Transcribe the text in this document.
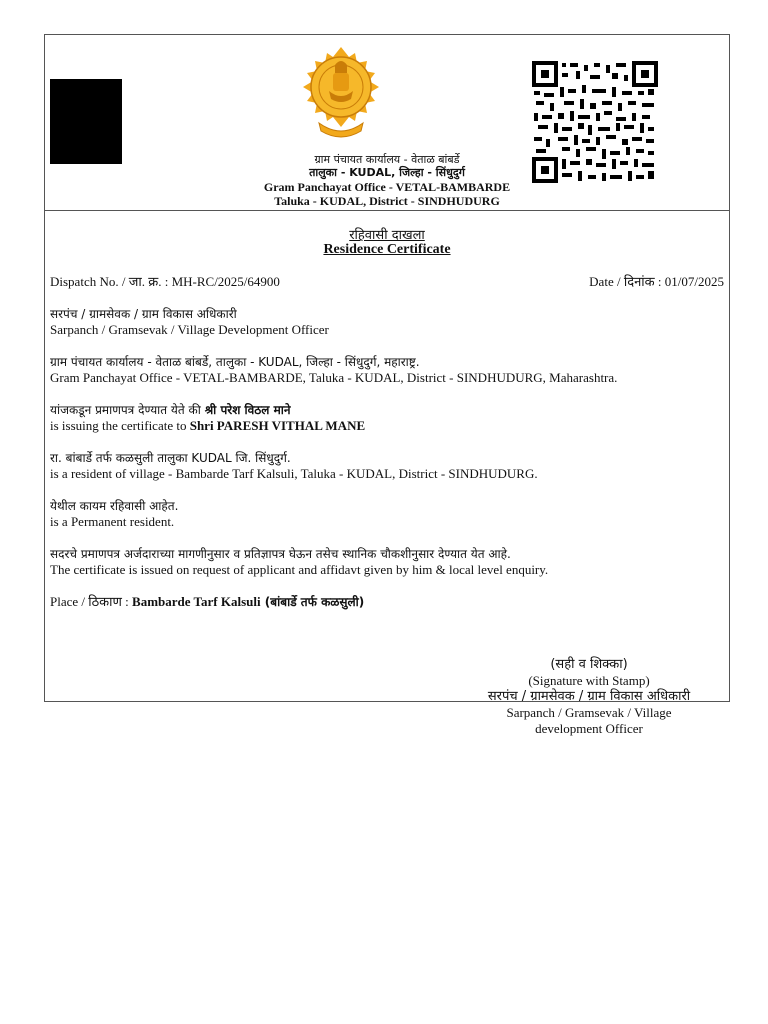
ग्राम पंचायत कार्यालय - वेताळ बांबर्डे
तालुका - KUDAL, जिल्हा - सिंधुदुर्ग
Gram Panchayat Office - VETAL-BAMBARDE
Taluka - KUDAL, District - SINDHUDURG
रहिवासी दाखला
Residence Certificate
Dispatch No. / जा. क्र. : MH-RC/2025/64900	Date / दिनांक : 01/07/2025
सरपंच / ग्रामसेवक / ग्राम विकास अधिकारी
Sarpanch / Gramsevak / Village Development Officer
ग्राम पंचायत कार्यालय - वेताळ बांबर्डे, तालुका - KUDAL, जिल्हा - सिंधुदुर्ग, महाराष्ट्र.
Gram Panchayat Office - VETAL-BAMBARDE, Taluka - KUDAL, District - SINDHUDURG, Maharashtra.
यांजकडून प्रमाणपत्र देण्यात येते की श्री परेश विठल माने
is issuing the certificate to Shri PARESH VITHAL MANE
रा. बांबार्डे तर्फ कळसुली तालुका KUDAL जि. सिंधुदुर्ग.
is a resident of village - Bambarde Tarf Kalsuli, Taluka - KUDAL, District - SINDHUDURG.
येथील कायम रहिवासी आहेत.
is a Permanent resident.
सदरचे प्रमाणपत्र अर्जदाराच्या मागणीनुसार व प्रतिज्ञापत्र घेऊन तसेच स्थानिक चौकशीनुसार देण्यात येत आहे.
The certificate is issued on request of applicant and affidavt given by him & local level enquiry.
Place / ठिकाण : Bambarde Tarf Kalsuli (बांबार्डे तर्फ कळसुली)
(सही व शिक्का)
(Signature with Stamp)
सरपंच / ग्रामसेवक / ग्राम विकास अधिकारी
Sarpanch / Gramsevak / Village
development Officer
